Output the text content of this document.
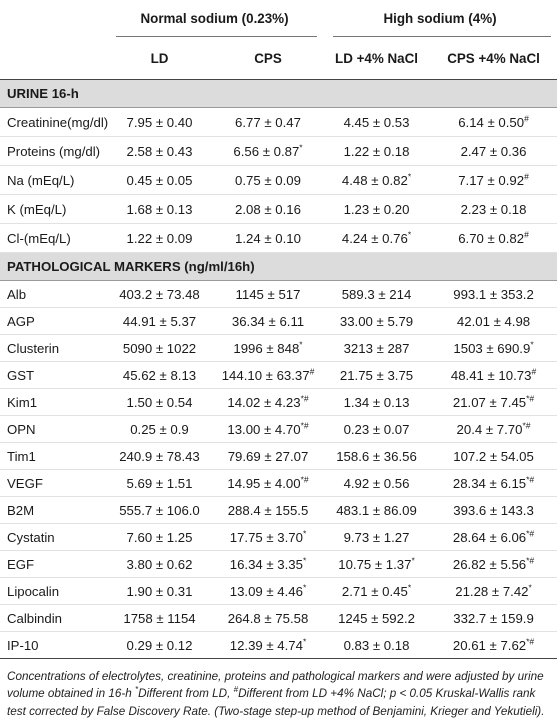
	Normal sodium (0.23%)		High sodium (4%)	

	LD	CPS	LD +4% NaCl	CPS +4% NaCl
URINE 16-h				
Creatinine(mg/dl)	7.95 ± 0.40	6.77 ± 0.47	4.45 ± 0.53	6.14 ± 0.50#
Proteins (mg/dl)	2.58 ± 0.43	6.56 ± 0.87*	1.22 ± 0.18	2.47 ± 0.36
Na (mEq/L)	0.45 ± 0.05	0.75 ± 0.09	4.48 ± 0.82*	7.17 ± 0.92#
K (mEq/L)	1.68 ± 0.13	2.08 ± 0.16	1.23 ± 0.20	2.23 ± 0.18
Cl-(mEq/L)	1.22 ± 0.09	1.24 ± 0.10	4.24 ± 0.76*	6.70 ± 0.82#
PATHOLOGICAL MARKERS (ng/ml/16h)				
Alb	403.2 ± 73.48	1145 ± 517	589.3 ± 214	993.1 ± 353.2
AGP	44.91 ± 5.37	36.34 ± 6.11	33.00 ± 5.79	42.01 ± 4.98
Clusterin	5090 ± 1022	1996 ± 848*	3213 ± 287	1503 ± 690.9*
GST	45.62 ± 8.13	144.10 ± 63.37#	21.75 ± 3.75	48.41 ± 10.73#
Kim1	1.50 ± 0.54	14.02 ± 4.23*#	1.34 ± 0.13	21.07 ± 7.45*#
OPN	0.25 ± 0.9	13.00 ± 4.70*#	0.23 ± 0.07	20.4 ± 7.70*#
Tim1	240.9 ± 78.43	79.69 ± 27.07	158.6 ± 36.56	107.2 ± 54.05
VEGF	5.69 ± 1.51	14.95 ± 4.00*#	4.92 ± 0.56	28.34 ± 6.15*#
B2M	555.7 ± 106.0	288.4 ± 155.5	483.1 ± 86.09	393.6 ± 143.3
Cystatin	7.60 ± 1.25	17.75 ± 3.70*	9.73 ± 1.27	28.64 ± 6.06*#
EGF	3.80 ± 0.62	16.34 ± 3.35*	10.75 ± 1.37*	26.82 ± 5.56*#
Lipocalin	1.90 ± 0.31	13.09 ± 4.46*	2.71 ± 0.45*	21.28 ± 7.42*
Calbindin	1758 ± 1154	264.8 ± 75.58	1245 ± 592.2	332.7 ± 159.9
IP-10	0.29 ± 0.12	12.39 ± 4.74*	0.83 ± 0.18	20.61 ± 7.62*#
Concentrations of electrolytes, creatinine, proteins and pathological markers and were adjusted by urine volume obtained in 16-h *Different from LD, #Different from LD +4% NaCl; p < 0.05 Kruskal-Wallis rank test corrected by False Discovery Rate. (Two-stage step-up method of Benjamini, Krieger and Yekutieli).
